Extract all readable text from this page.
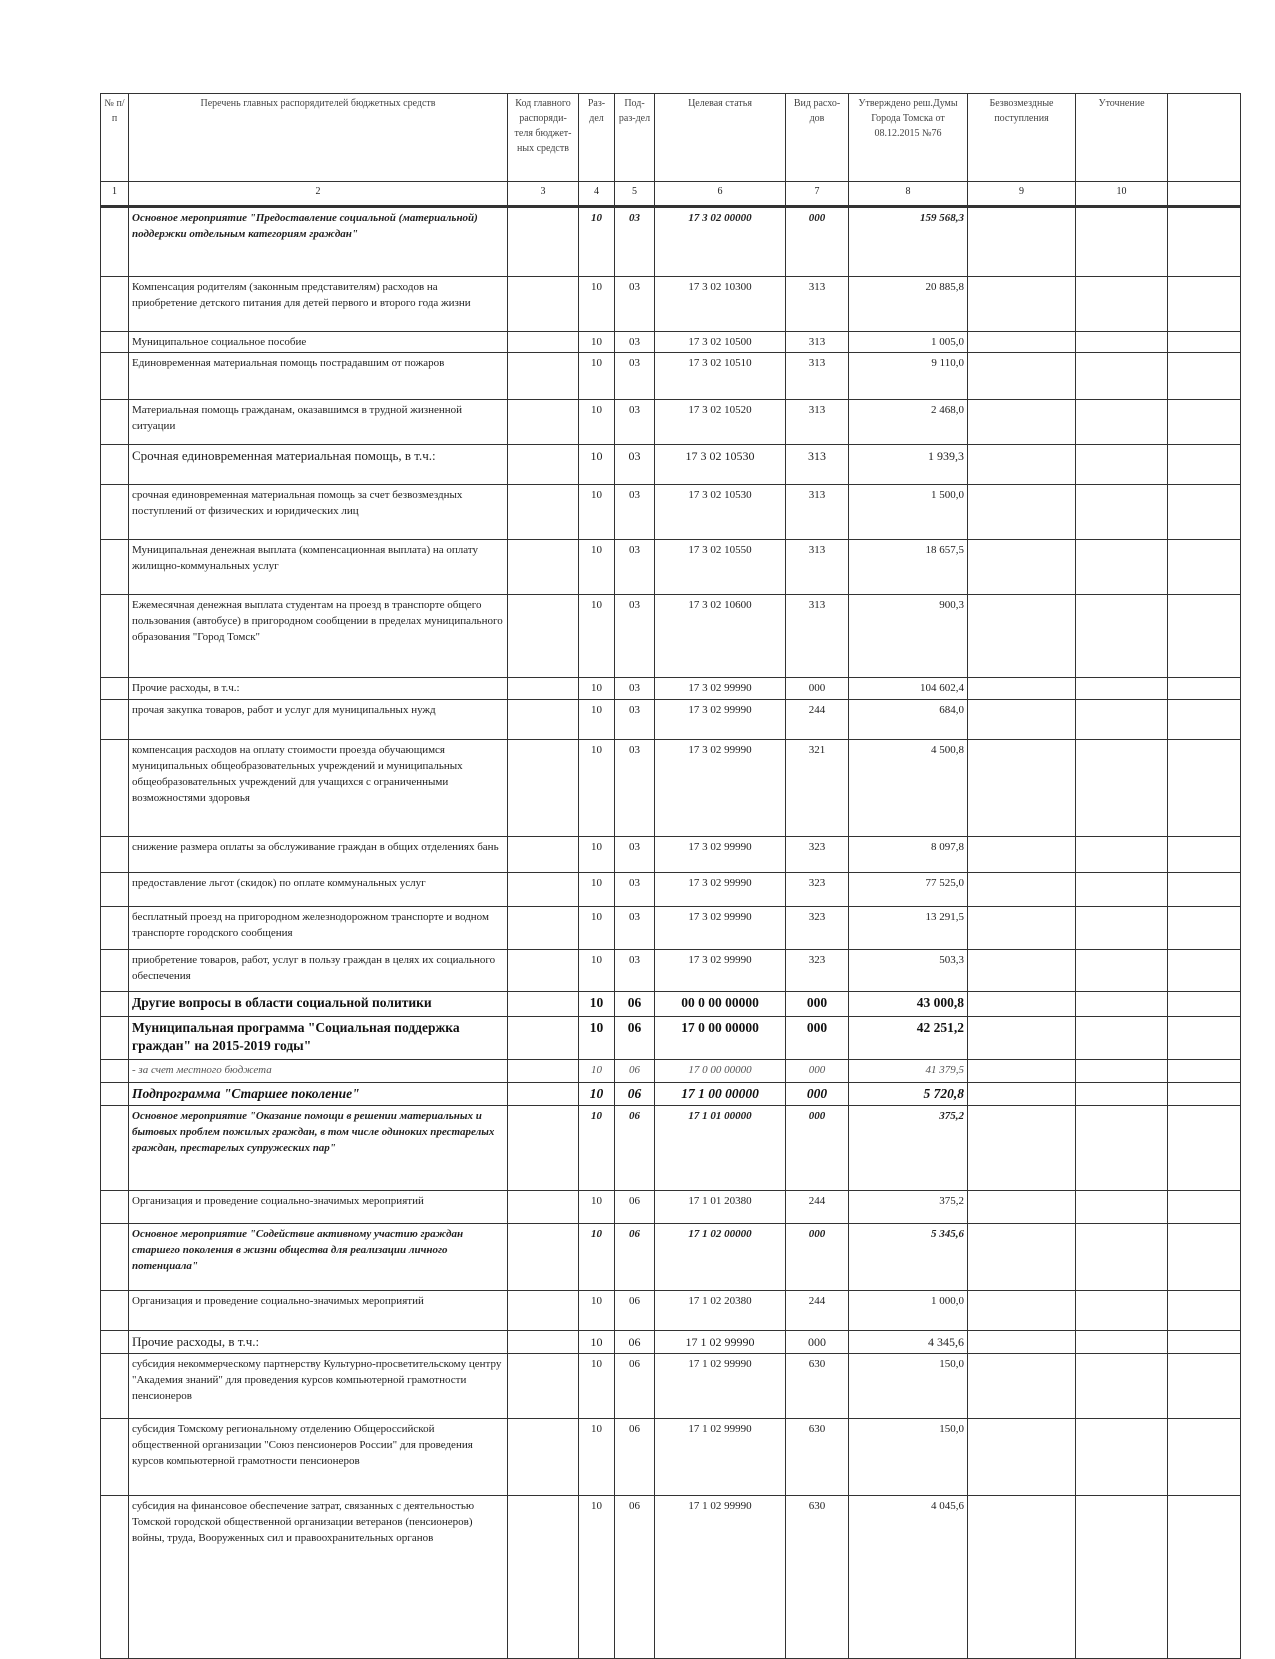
№ п/п	Перечень главных распорядителей бюджетных средств	Код главного распоряди-теля бюджет-ных средств	Раз-дел	Под-раз-дел	Целевая статья	Вид расхо-дов	Утверждено реш.Думы Города Томска от 08.12.2015 №76	Безвозмездные поступления	Уточнение	
1	2	3	4	5	6	7	8	9	10	
	Основное мероприятие "Предоставление социальной (материальной) поддержки отдельным категориям граждан"		10	03	17 3 02 00000	000	159 568,3			
	Компенсация родителям (законным представителям) расходов на приобретение детского питания для детей первого и второго года жизни		10	03	17 3 02 10300	313	20 885,8			
	Муниципальное социальное пособие		10	03	17 3 02 10500	313	1 005,0			
	Единовременная материальная помощь пострадавшим от пожаров		10	03	17 3 02 10510	313	9 110,0			
	Материальная помощь гражданам, оказавшимся в трудной жизненной ситуации		10	03	17 3 02 10520	313	2 468,0			
	Срочная единовременная материальная помощь, в т.ч.:		10	03	17 3 02 10530	313	1 939,3			
	срочная единовременная материальная помощь за счет безвозмездных поступлений от физических и юридических лиц		10	03	17 3 02 10530	313	1 500,0			
	Муниципальная денежная выплата (компенсационная выплата) на оплату жилищно-коммунальных услуг		10	03	17 3 02 10550	313	18 657,5			
	Ежемесячная денежная выплата студентам на проезд в транспорте общего пользования (автобусе) в пригородном сообщении в пределах муниципального образования "Город Томск"		10	03	17 3 02 10600	313	900,3			
	Прочие расходы, в т.ч.:		10	03	17 3 02 99990	000	104 602,4			
	прочая закупка товаров, работ и услуг для муниципальных нужд		10	03	17 3 02 99990	244	684,0			
	компенсация расходов на оплату стоимости проезда обучающимся муниципальных общеобразовательных учреждений и муниципальных общеобразовательных учреждений для учащихся с ограниченными возможностями здоровья		10	03	17 3 02 99990	321	4 500,8			
	снижение размера оплаты за обслуживание граждан в общих отделениях бань		10	03	17 3 02 99990	323	8 097,8			
	предоставление льгот (скидок) по оплате коммунальных услуг		10	03	17 3 02 99990	323	77 525,0			
	бесплатный проезд на пригородном железнодорожном транспорте и водном транспорте городского сообщения		10	03	17 3 02 99990	323	13 291,5			
	приобретение товаров, работ, услуг в пользу граждан в целях их социального обеспечения		10	03	17 3 02 99990	323	503,3			
	Другие вопросы в области социальной политики		10	06	00 0 00 00000	000	43 000,8			
	Муниципальная программа "Социальная поддержка граждан" на 2015-2019 годы"		10	06	17 0 00 00000	000	42 251,2			
	- за счет местного бюджета		10	06	17 0 00 00000	000	41 379,5			
	Подпрограмма "Старшее поколение"		10	06	17 1 00 00000	000	5 720,8			
	Основное мероприятие "Оказание помощи в решении материальных и бытовых проблем пожилых граждан, в том числе одиноких престарелых граждан, престарелых супружеских пар"		10	06	17 1 01 00000	000	375,2			
	Организация и проведение социально-значимых мероприятий		10	06	17 1 01 20380	244	375,2			
	Основное мероприятие "Содействие активному участию граждан старшего поколения в жизни общества для реализации личного потенциала"		10	06	17 1 02 00000	000	5 345,6			
	Организация и проведение социально-значимых мероприятий		10	06	17 1 02 20380	244	1 000,0			
	Прочие расходы, в т.ч.:		10	06	17 1 02 99990	000	4 345,6			
	субсидия некоммерческому партнерству Культурно-просветительскому центру "Академия знаний" для проведения курсов компьютерной грамотности пенсионеров		10	06	17 1 02 99990	630	150,0			
	субсидия Томскому региональному отделению Общероссийской общественной организации "Союз пенсионеров России" для проведения курсов компьютерной грамотности пенсионеров		10	06	17 1 02 99990	630	150,0			
	субсидия на финансовое обеспечение затрат, связанных с деятельностью Томской городской общественной организации ветеранов (пенсионеров) войны, труда, Вооруженных сил и правоохранительных органов		10	06	17 1 02 99990	630	4 045,6			
